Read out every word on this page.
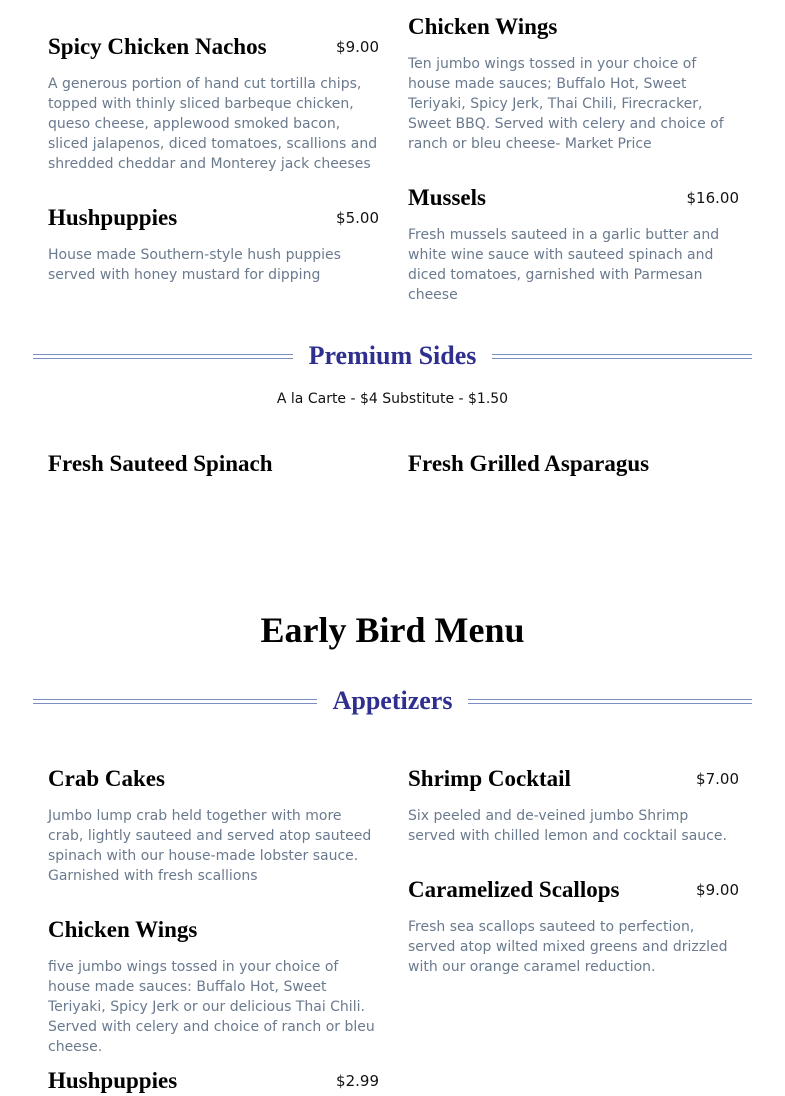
Spicy Chicken Nachos	$9.00
A generous portion of hand cut tortilla chips, topped with thinly sliced barbeque chicken, queso cheese, applewood smoked bacon, sliced jalapenos, diced tomatoes, scallions and shredded cheddar and Monterey jack cheeses
Chicken Wings
Ten jumbo wings tossed in your choice of house made sauces; Buffalo Hot, Sweet Teriyaki, Spicy Jerk, Thai Chili, Firecracker, Sweet BBQ. Served with celery and choice of ranch or bleu cheese- Market Price
Hushpuppies	$5.00
House made Southern-style hush puppies served with honey mustard for dipping
Mussels	$16.00
Fresh mussels sauteed in a garlic butter and white wine sauce with sauteed spinach and diced tomatoes, garnished with Parmesan cheese
Premium Sides
A la Carte - $4 Substitute - $1.50
Fresh Sauteed Spinach	Fresh Grilled Asparagus
Early Bird Menu
Appetizers
Crab Cakes
Jumbo lump crab held together with more crab, lightly sauteed and served atop sauteed spinach with our house-made lobster sauce. Garnished with fresh scallions
Shrimp Cocktail	$7.00
Six peeled and de-veined jumbo Shrimp served with chilled lemon and cocktail sauce.
Chicken Wings
five jumbo wings tossed in your choice of house made sauces: Buffalo Hot, Sweet Teriyaki, Spicy Jerk or our delicious Thai Chili. Served with celery and choice of ranch or bleu cheese.
Caramelized Scallops	$9.00
Fresh sea scallops sauteed to perfection, served atop wilted mixed greens and drizzled with our orange caramel reduction.
Hushpuppies	$2.99
